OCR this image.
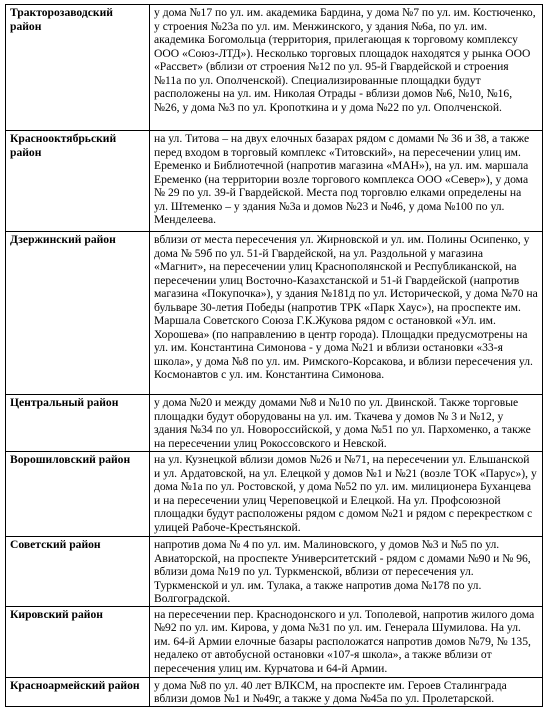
Тракторозаводский район	у дома №17 по ул. им. академика Бардина, у дома №7 по ул. им. Костюченко, у строения №23а по ул. им. Менжинского, у здания №6а, по ул. им. академика Богомольца (территория, прилегающая к торговому комплексу ООО «Союз-ЛТД»). Несколько торговых площадок находятся у рынка ООО «Рассвет» (вблизи от строения №12 по ул. 95-й Гвардейской и строения №11а по ул. Ополченской). Специализированные площадки будут расположены на ул. им. Николая Отрады - вблизи домов №6, №10, №16, №26, у дома №3 по ул. Кропоткина и у дома №22 по ул. Ополченской.
Краснооктябрьский район	на ул. Титова – на двух елочных базарах рядом с домами № 36 и 38, а также перед входом в торговый комплекс «Титовский», на пересечении улиц им. Еременко и Библиотечной (напротив магазина «МАН»), на ул. им. маршала Еременко (на территории возле торгового комплекса ООО «Север»), у дома № 29 по ул. 39-й Гвардейской. Места под торговлю елками определены на ул. Штеменко – у здания №3а и домов №23 и №46, у дома №100 по ул. Менделеева.
Дзержинский район	вблизи от места пересечения ул. Жирновской и ул. им. Полины Осипенко, у дома № 59б по ул. 51-й Гвардейской, на ул. Раздольной у магазина «Магнит», на пересечении улиц Краснополянской и Республиканской, на пересечении улиц Восточно-Казахстанской и 51-й Гвардейской (напротив магазина «Покупочка»), у здания №181д по ул. Исторической, у дома №70 на бульваре 30-летия Победы (напротив ТРК «Парк Хаус»), на проспекте им. Маршала Советского Союза Г.К.Жукова рядом с остановкой «Ул. им. Хорошева» (по направлению в центр города). Площадки предусмотрены на ул. им. Константина Симонова - у дома №21 и вблизи остановки «33-я школа», у дома №8 по ул. им. Римского-Корсакова, и вблизи пересечения ул. Космонавтов с ул. им. Константина Симонова.
Центральный район	у дома №20 и между домами №8 и №10 по ул. Двинской. Также торговые площадки будут оборудованы на ул. им. Ткачева у домов № 3 и №12, у здания №34 по ул. Новороссийской, у дома №51 по ул. Пархоменко, а также на пересечении улиц Рокоссовского и Невской.
Ворошиловский район	на ул. Кузнецкой вблизи домов №26 и №71, на пересечении ул. Ельшанской и ул. Ардатовской, на ул. Елецкой у домов №1 и №21 (возле ТОК «Парус»), у дома №1а по ул. Ростовской, у дома №52 по ул. им. милиционера Буханцева и на пересечении улиц Череповецкой и Елецкой. На ул. Профсоюзной площадки будут расположены рядом с домом №21 и рядом с перекрестком с улицей Рабоче-Крестьянской.
Советский район	напротив дома № 4 по ул. им. Малиновского, у домов №3 и №5 по ул. Авиаторской, на проспекте Университетский - рядом с домами №90 и № 96, вблизи дома №19 по ул. Туркменской, вблизи от пересечения ул. Туркменской и ул. им. Тулака, а также напротив дома №178 по ул. Волгоградской.
Кировский район	на пересечении пер. Краснодонского и ул. Тополевой, напротив жилого дома №92 по ул. им. Кирова, у дома №31 по ул. им. Генерала Шумилова. На ул. им. 64-й Армии елочные базары расположатся напротив домов №79, № 135, недалеко от автобусной остановки «107-я школа», а также вблизи от пересечения улиц им. Курчатова и 64-й Армии.
Красноармейский район	у дома №8 по ул. 40 лет ВЛКСМ, на проспекте им. Героев Сталинграда вблизи домов №1 и №49г, а также у дома №45а по ул. Пролетарской.
